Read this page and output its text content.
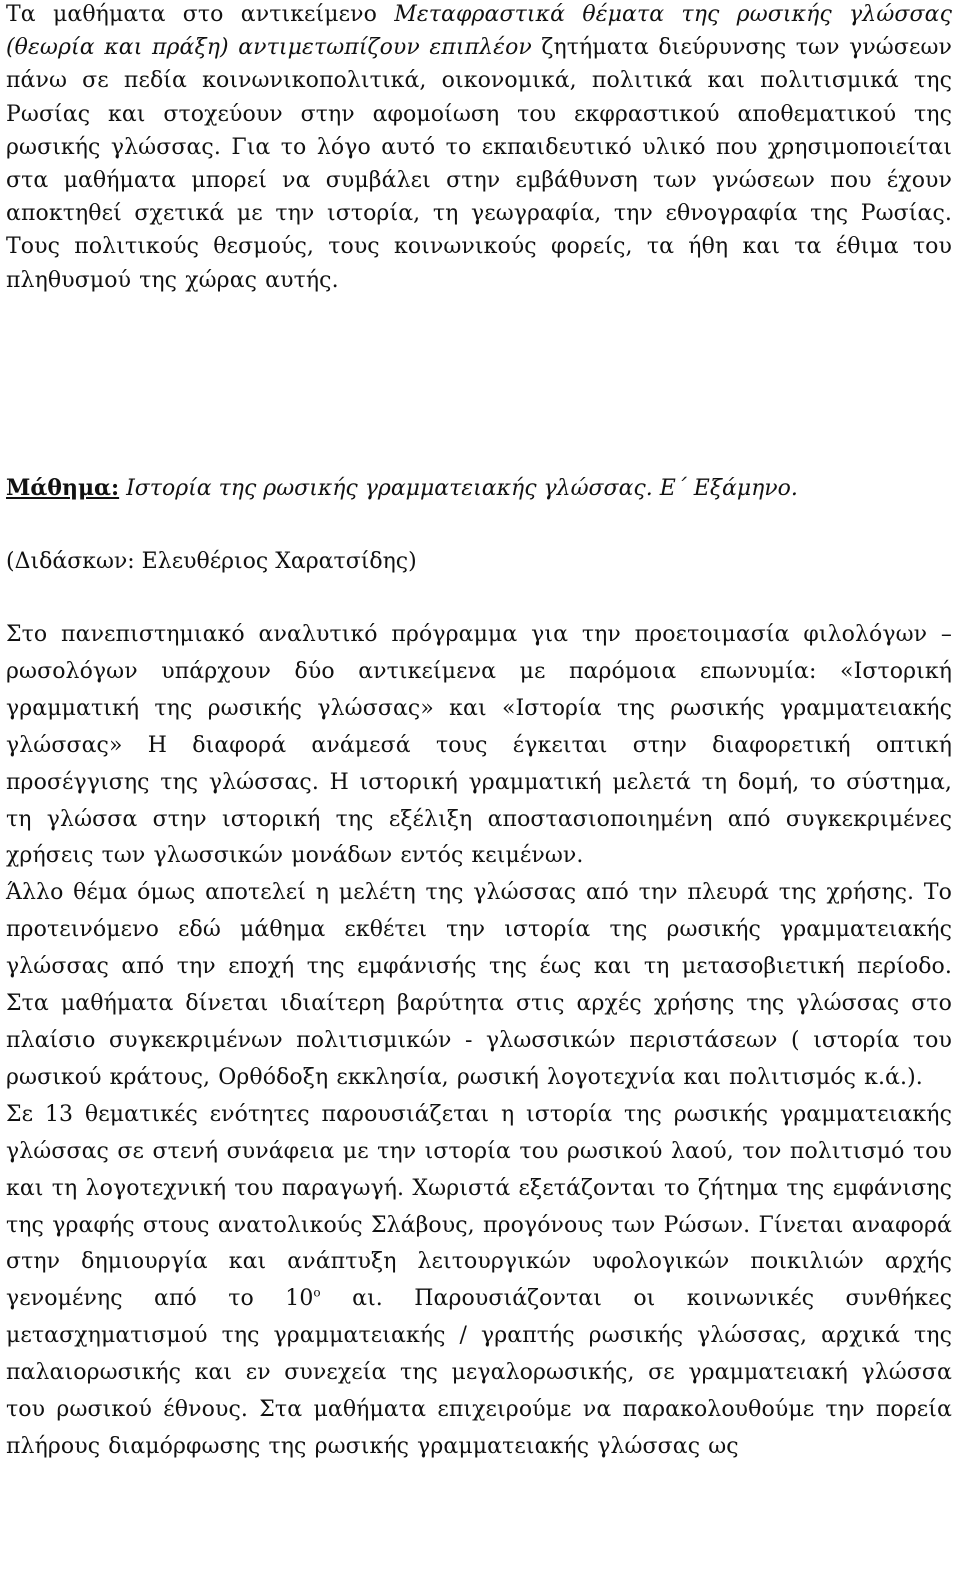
Τα μαθήματα στο αντικείμενο Μεταφραστικά θέματα της ρωσικής γλώσσας (θεωρία και πράξη) αντιμετωπίζουν επιπλέον ζητήματα διεύρυνσης των γνώσεων πάνω σε πεδία κοινωνικοπολιτικά, οικονομικά, πολιτικά και πολιτισμικά της Ρωσίας και στοχεύουν στην αφομοίωση του εκφραστικού αποθεματικού της ρωσικής γλώσσας. Για το λόγο αυτό το εκπαιδευτικό υλικό που χρησιμοποιείται στα μαθήματα μπορεί να συμβάλει στην εμβάθυνση των γνώσεων που έχουν αποκτηθεί σχετικά με την ιστορία, τη γεωγραφία, την εθνογραφία της Ρωσίας. Τους πολιτικούς θεσμούς, τους κοινωνικούς φορείς, τα ήθη και τα έθιμα του πληθυσμού της χώρας αυτής.

Μάθημα: Ιστορία της ρωσικής γραμματειακής γλώσσας. Ε΄ Εξάμηνο.

(Διδάσκων: Ελευθέριος Χαρατσίδης)

Στο πανεπιστημιακό αναλυτικό πρόγραμμα για την προετοιμασία φιλολόγων – ρωσολόγων υπάρχουν δύο αντικείμενα με παρόμοια επωνυμία: «Ιστορική γραμματική της ρωσικής γλώσσας» και «Ιστορία της ρωσικής γραμματειακής γλώσσας» Η διαφορά ανάμεσά τους έγκειται στην διαφορετική οπτική προσέγγισης της γλώσσας. Η ιστορική γραμματική μελετά τη δομή, το σύστημα, τη γλώσσα στην ιστορική της εξέλιξη αποστασιοποιημένη από συγκεκριμένες χρήσεις των γλωσσικών μονάδων εντός κειμένων.

Άλλο θέμα όμως αποτελεί η μελέτη της γλώσσας από την πλευρά της χρήσης. Το προτεινόμενο εδώ μάθημα εκθέτει την ιστορία της ρωσικής γραμματειακής γλώσσας από την εποχή της εμφάνισής της έως και τη μετασοβιετική περίοδο. Στα μαθήματα δίνεται ιδιαίτερη βαρύτητα στις αρχές χρήσης της γλώσσας στο πλαίσιο συγκεκριμένων πολιτισμικών - γλωσσικών περιστάσεων ( ιστορία του ρωσικού κράτους, Ορθόδοξη εκκλησία, ρωσική λογοτεχνία και πολιτισμός κ.ά.).

Σε 13 θεματικές ενότητες παρουσιάζεται η ιστορία της ρωσικής γραμματειακής γλώσσας σε στενή συνάφεια με την ιστορία του ρωσικού λαού, τον πολιτισμό του και τη λογοτεχνική του παραγωγή. Χωριστά εξετάζονται το ζήτημα της εμφάνισης της γραφής στους ανατολικούς Σλάβους, προγόνους των Ρώσων. Γίνεται αναφορά στην δημιουργία και ανάπτυξη λειτουργικών υφολογικών ποικιλιών αρχής γενομένης από το $10^o$ αι. Παρουσιάζονται οι κοινωνικές συνθήκες μετασχηματισμού της γραμματειακής / γραπτής ρωσικής γλώσσας, αρχικά της παλαιορωσικής και εν συνεχεία της μεγαλορωσικής, σε γραμματειακή γλώσσα του ρωσικού έθνους. Στα μαθήματα επιχειρούμε να παρακολουθούμε την πορεία πλήρους διαμόρφωσης της ρωσικής γραμματειακής γλώσσας ως
